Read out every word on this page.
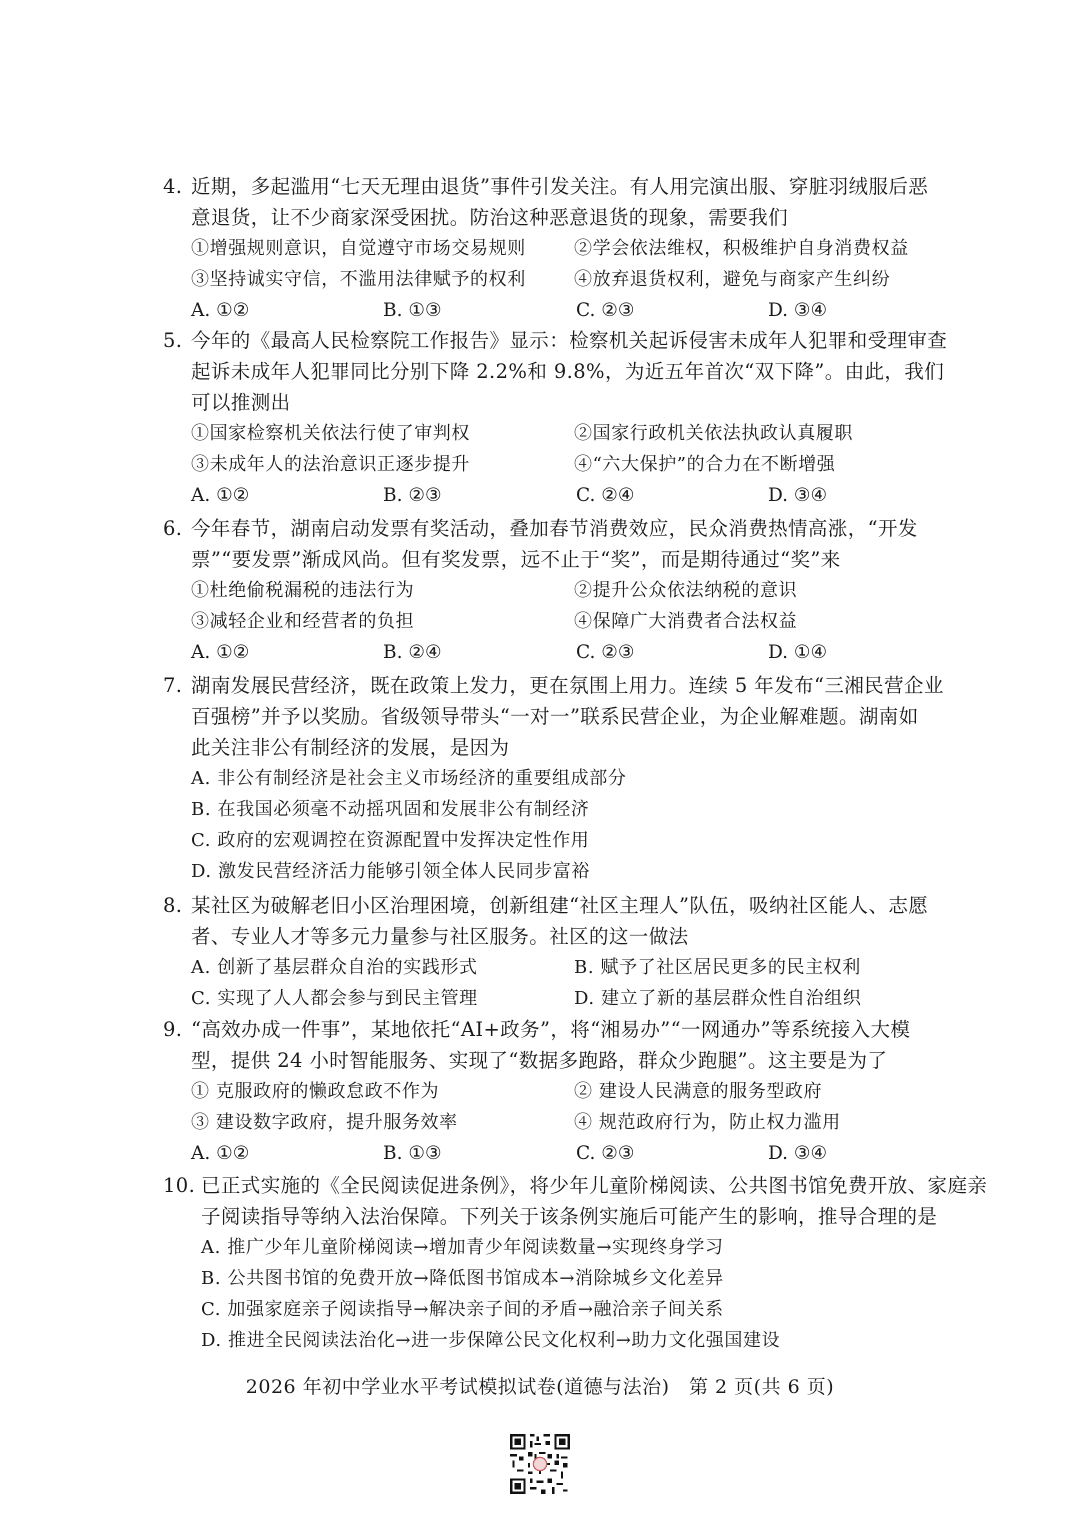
4. 近期，多起滥用“七天无理由退货”事件引发关注。有人用完演出服、穿脏羽绒服后恶
意退货，让不少商家深受困扰。防治这种恶意退货的现象，需要我们
①增强规则意识，自觉遵守市场交易规则	②学会依法维权，积极维护自身消费权益
③坚持诚实守信，不滥用法律赋予的权利	④放弃退货权利，避免与商家产生纠纷
A. ①②	B. ①③	C. ②③	D. ③④
5. 今年的《最高人民检察院工作报告》显示：检察机关起诉侵害未成年人犯罪和受理审查
起诉未成年人犯罪同比分别下降 2.2%和 9.8%，为近五年首次“双下降”。由此，我们
可以推测出
①国家检察机关依法行使了审判权	②国家行政机关依法执政认真履职
③未成年人的法治意识正逐步提升	④“六大保护”的合力在不断增强
A. ①②	B. ②③	C. ②④	D. ③④
6. 今年春节，湖南启动发票有奖活动，叠加春节消费效应，民众消费热情高涨，“开发
票”“要发票”渐成风尚。但有奖发票，远不止于“奖”，而是期待通过“奖”来
①杜绝偷税漏税的违法行为	②提升公众依法纳税的意识
③减轻企业和经营者的负担	④保障广大消费者合法权益
A. ①②	B. ②④	C. ②③	D. ①④
7. 湖南发展民营经济，既在政策上发力，更在氛围上用力。连续 5 年发布“三湘民营企业
百强榜”并予以奖励。省级领导带头“一对一”联系民营企业，为企业解难题。湖南如
此关注非公有制经济的发展，是因为
A. 非公有制经济是社会主义市场经济的重要组成部分
B. 在我国必须毫不动摇巩固和发展非公有制经济
C. 政府的宏观调控在资源配置中发挥决定性作用
D. 激发民营经济活力能够引领全体人民同步富裕
8. 某社区为破解老旧小区治理困境，创新组建“社区主理人”队伍，吸纳社区能人、志愿
者、专业人才等多元力量参与社区服务。社区的这一做法
A. 创新了基层群众自治的实践形式	B. 赋予了社区居民更多的民主权利
C. 实现了人人都会参与到民主管理	D. 建立了新的基层群众性自治组织
9. “高效办成一件事”，某地依托“AI+政务”，将“湘易办”“一网通办”等系统接入大模
型，提供 24 小时智能服务、实现了“数据多跑路，群众少跑腿”。这主要是为了
① 克服政府的懒政怠政不作为	② 建设人民满意的服务型政府
③ 建设数字政府，提升服务效率	④ 规范政府行为，防止权力滥用
A. ①②	B. ①③	C. ②③	D. ③④
10. 已正式实施的《全民阅读促进条例》，将少年儿童阶梯阅读、公共图书馆免费开放、家庭亲
子阅读指导等纳入法治保障。下列关于该条例实施后可能产生的影响，推导合理的是
A. 推广少年儿童阶梯阅读→增加青少年阅读数量→实现终身学习
B. 公共图书馆的免费开放→降低图书馆成本→消除城乡文化差异
C. 加强家庭亲子阅读指导→解决亲子间的矛盾→融洽亲子间关系
D. 推进全民阅读法治化→进一步保障公民文化权利→助力文化强国建设
2026 年初中学业水平考试模拟试卷(道德与法治)　第 2 页(共 6 页)
